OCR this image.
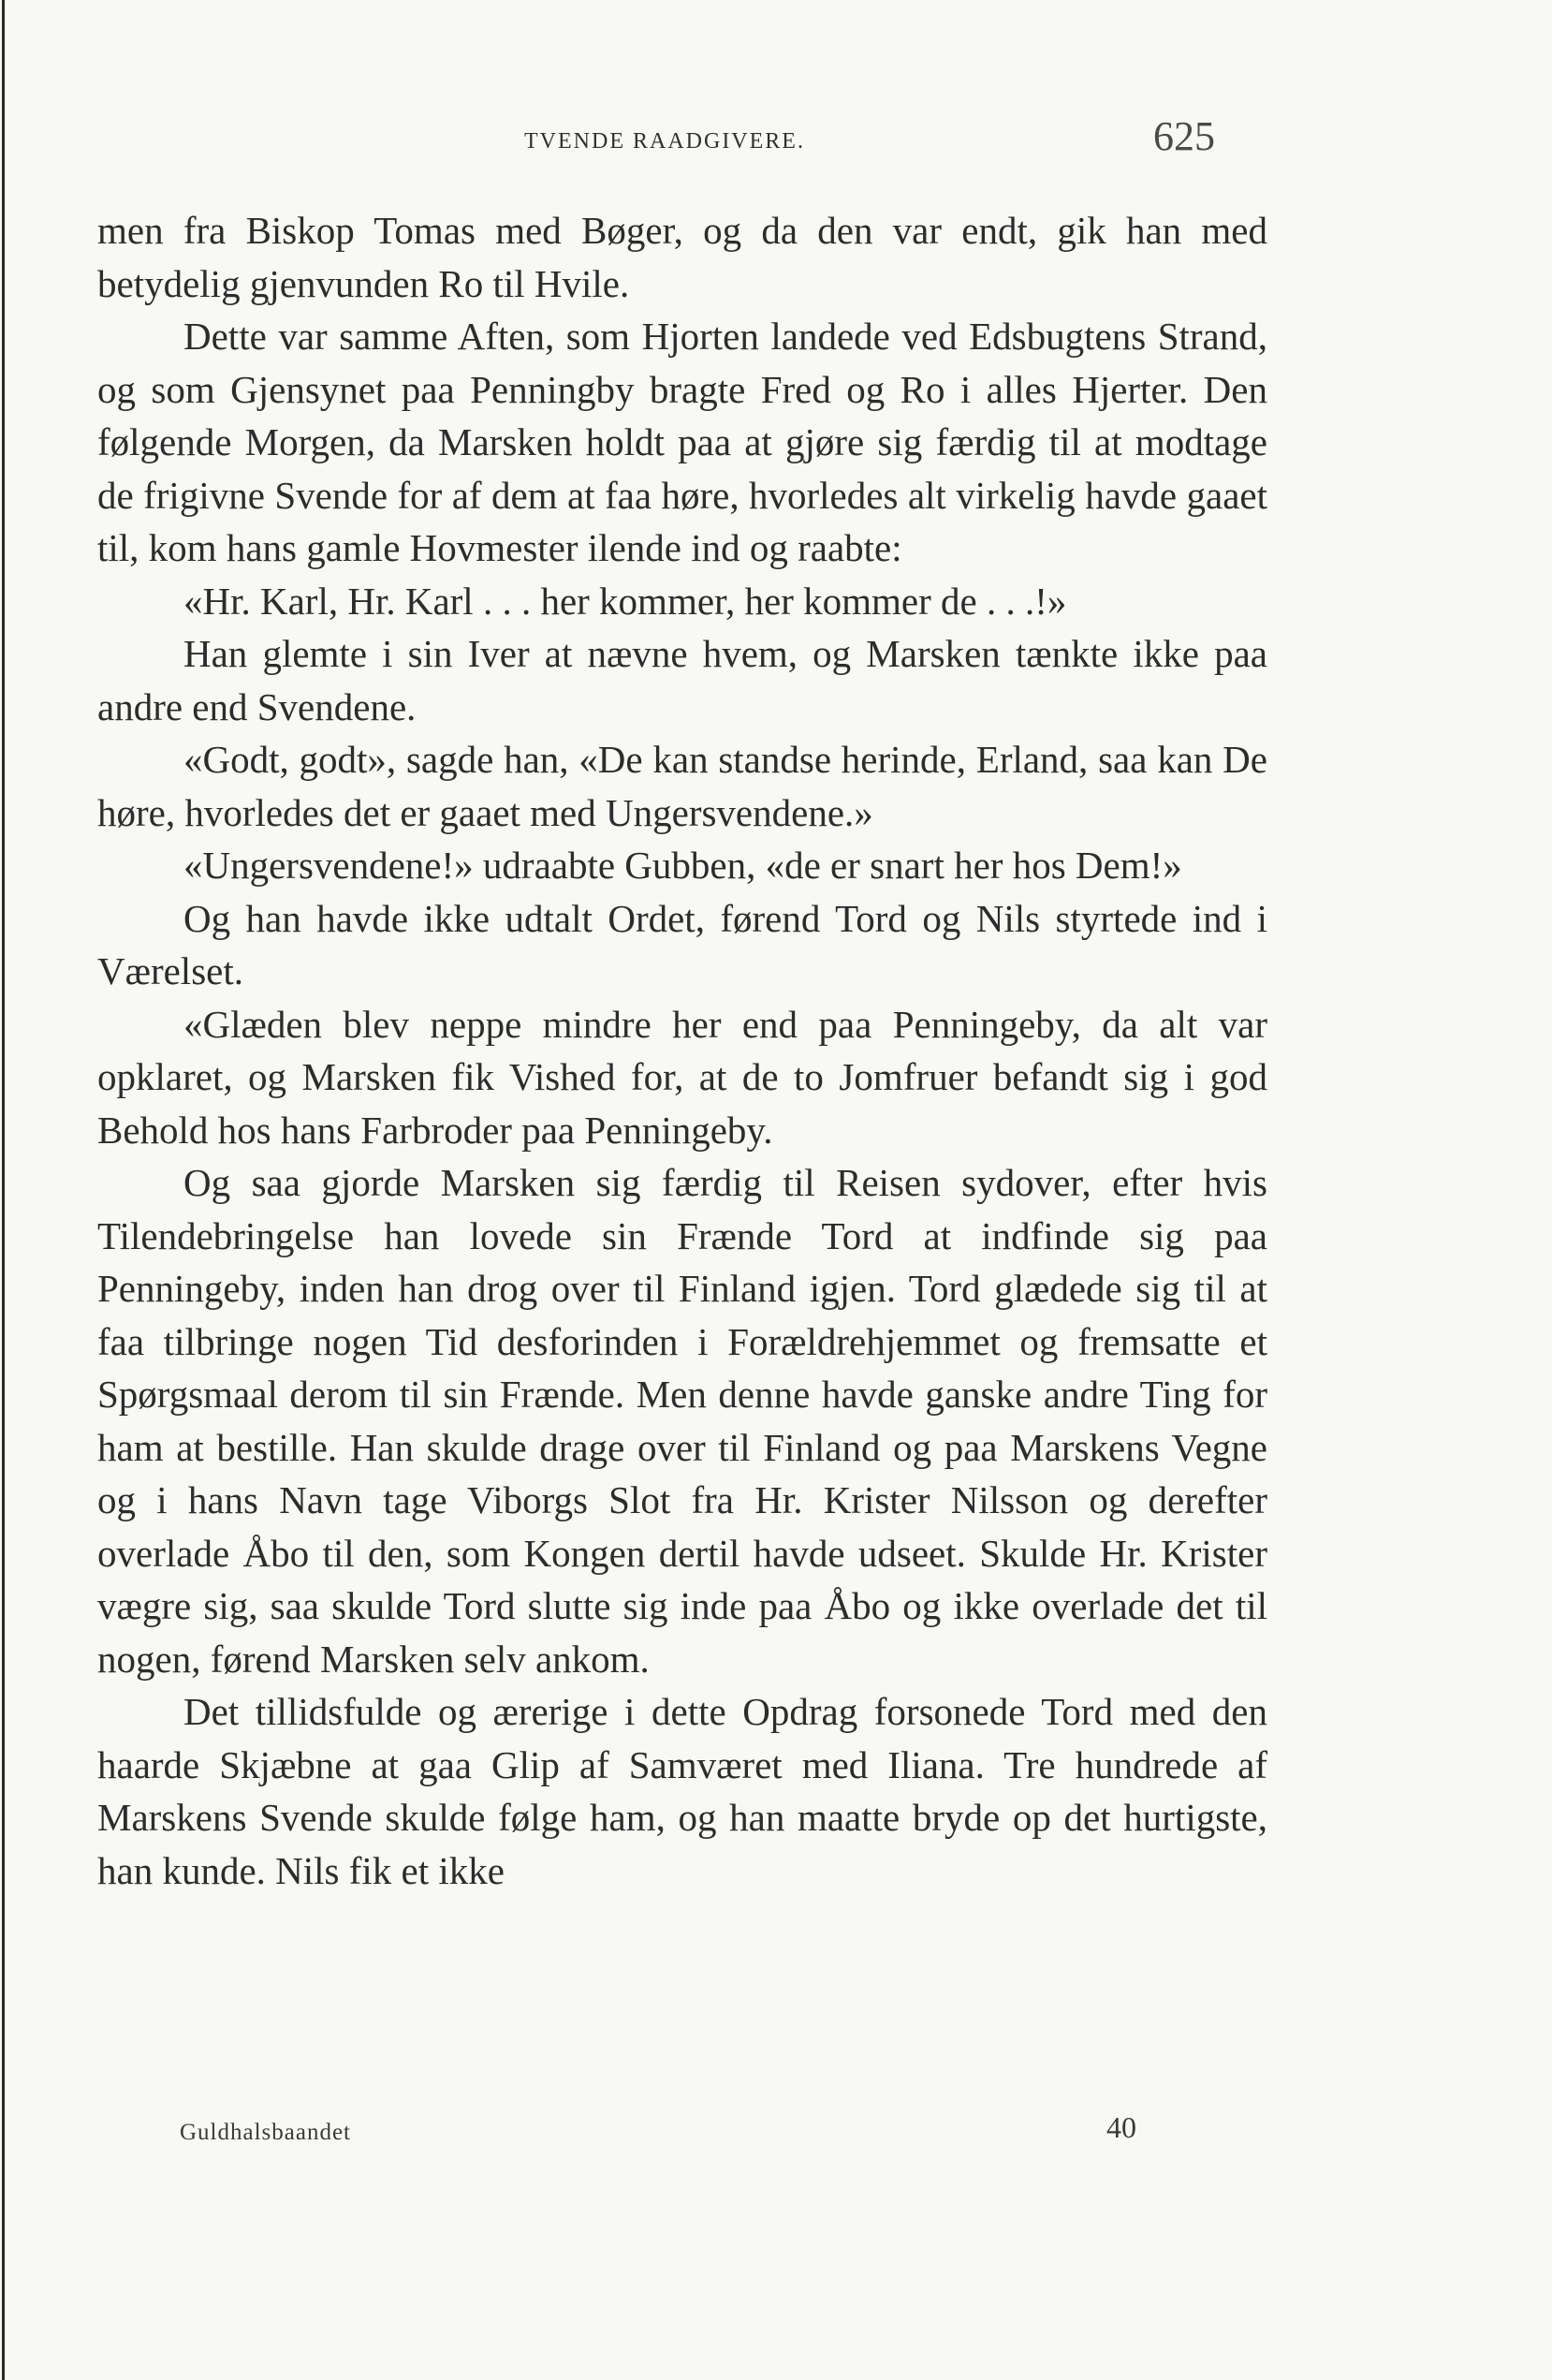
TVENDE RAADGIVERE.	625

men fra Biskop Tomas med Bøger, og da den var endt, gik han med betydelig gjenvunden Ro til Hvile.

Dette var samme Aften, som Hjorten landede ved Edsbugtens Strand, og som Gjensynet paa Penningby bragte Fred og Ro i alles Hjerter. Den følgende Morgen, da Marsken holdt paa at gjøre sig færdig til at modtage de frigivne Svende for af dem at faa høre, hvorledes alt virkelig havde gaaet til, kom hans gamle Hovmester ilende ind og raabte:

«Hr. Karl, Hr. Karl . . . her kommer, her kommer de . . .!»

Han glemte i sin Iver at nævne hvem, og Marsken tænkte ikke paa andre end Svendene.

«Godt, godt», sagde han, «De kan standse herinde, Erland, saa kan De høre, hvorledes det er gaaet med Ungersvendene.»

«Ungersvendene!» udraabte Gubben, «de er snart her hos Dem!»

Og han havde ikke udtalt Ordet, førend Tord og Nils styrtede ind i Værelset.

«Glæden blev neppe mindre her end paa Penningeby, da alt var opklaret, og Marsken fik Vished for, at de to Jomfruer befandt sig i god Behold hos hans Farbroder paa Penningeby.

Og saa gjorde Marsken sig færdig til Reisen sydover, efter hvis Tilendebringelse han lovede sin Frænde Tord at indfinde sig paa Penningeby, inden han drog over til Finland igjen. Tord glædede sig til at faa tilbringe nogen Tid desforinden i Forældrehjemmet og fremsatte et Spørgsmaal derom til sin Frænde. Men denne havde ganske andre Ting for ham at bestille. Han skulde drage over til Finland og paa Marskens Vegne og i hans Navn tage Viborgs Slot fra Hr. Krister Nilsson og derefter overlade Åbo til den, som Kongen dertil havde udseet. Skulde Hr. Krister vægre sig, saa skulde Tord slutte sig inde paa Åbo og ikke overlade det til nogen, førend Marsken selv ankom.

Det tillidsfulde og ærerige i dette Opdrag forsonede Tord med den haarde Skjæbne at gaa Glip af Samværet med Iliana. Tre hundrede af Marskens Svende skulde følge ham, og han maatte bryde op det hurtigste, han kunde. Nils fik et ikke

Guldhalsbaandet	40
